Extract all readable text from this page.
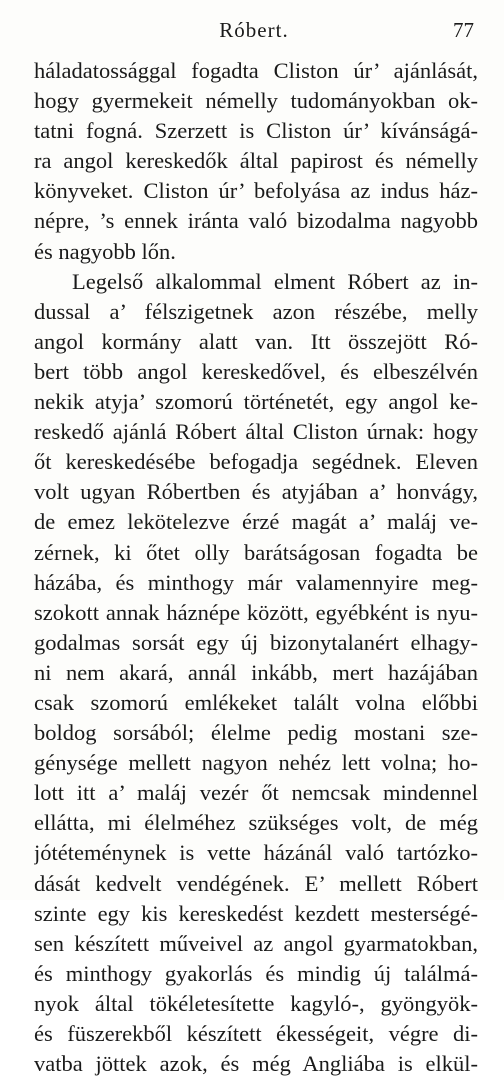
Róbert.	77
háladatossággal fogadta Cliston úr’ ajánlását,
hogy gyermekeit némelly tudományokban ok-
tatni fogná. Szerzett is Cliston úr’ kívánságá-
ra angol kereskedők által papirost és némelly
könyveket. Cliston úr’ befolyása az indus ház-
népre, ’s ennek iránta való bizodalma nagyobb
és nagyobb lőn.
Legelső alkalommal elment Róbert az in-
dussal a’ félszigetnek azon részébe, melly
angol kormány alatt van. Itt összejött Ró-
bert több angol kereskedővel, és elbeszélvén
nekik atyja’ szomorú történetét, egy angol ke-
reskedő ajánlá Róbert által Cliston úrnak: hogy
őt kereskedésébe befogadja segédnek. Eleven
volt ugyan Róbertben és atyjában a’ honvágy,
de emez lekötelezve érzé magát a’ maláj ve-
zérnek, ki őtet olly barátságosan fogadta be
házába, és minthogy már valamennyire meg-
szokott annak háznépe között, egyébként is nyu-
godalmas sorsát egy új bizonytalanért elhagy-
ni nem akará, annál inkább, mert hazájában
csak szomorú emlékeket talált volna előbbi
boldog sorsából; élelme pedig mostani sze-
génysége mellett nagyon nehéz lett volna; ho-
lott itt a’ maláj vezér őt nemcsak mindennel
ellátta, mi élelméhez szükséges volt, de még
jótéteménynek is vette házánál való tartózko-
dását kedvelt vendégének. E’ mellett Róbert
szinte egy kis kereskedést kezdett mesterségé-
sen készített műveivel az angol gyarmatokban,
és minthogy gyakorlás és mindig új találmá-
nyok által tökéletesítette kagyló-, gyöngyök-
és füszerekből készített ékességeit, végre di-
vatba jöttek azok, és még Angliába is elkül-
